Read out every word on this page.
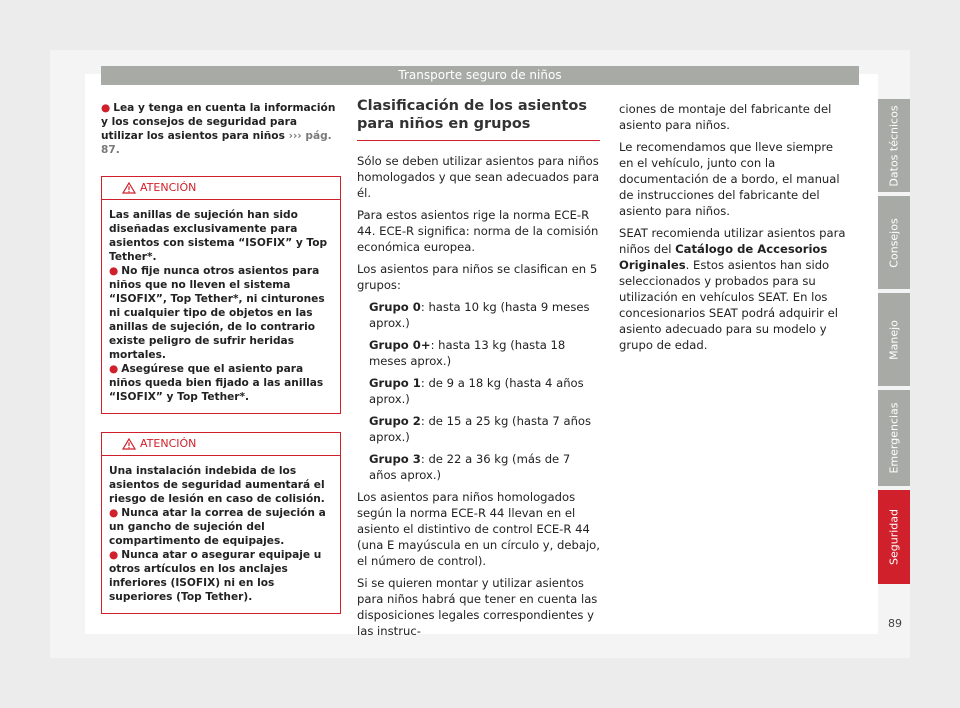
Transporte seguro de niños

● Lea y tenga en cuenta la información y los consejos de seguridad para utilizar los asientos para niños ››› pág. 87.

ATENCIÓN

Las anillas de sujeción han sido diseñadas exclusivamente para asientos con sistema “ISOFIX” y Top Tether*.

● No fije nunca otros asientos para niños que no lleven el sistema “ISOFIX”, Top Tether*, ni cinturones ni cualquier tipo de objetos en las anillas de sujeción, de lo contrario existe peligro de sufrir heridas mortales.

● Asegúrese que el asiento para niños queda bien fijado a las anillas “ISOFIX” y Top Tether*.

ATENCIÓN

Una instalación indebida de los asientos de seguridad aumentará el riesgo de lesión en caso de colisión.

● Nunca atar la correa de sujeción a un gancho de sujeción del compartimento de equipajes.

● Nunca atar o asegurar equipaje u otros artículos en los anclajes inferiores (ISOFIX) ni en los superiores (Top Tether).

Clasificación de los asientos para niños en grupos

Sólo se deben utilizar asientos para niños homologados y que sean adecuados para él.

Para estos asientos rige la norma ECE-R 44. ECE-R significa: norma de la comisión económica europea.

Los asientos para niños se clasifican en 5 grupos:

Grupo 0: hasta 10 kg (hasta 9 meses aprox.)

Grupo 0+: hasta 13 kg (hasta 18 meses aprox.)

Grupo 1: de 9 a 18 kg (hasta 4 años aprox.)

Grupo 2: de 15 a 25 kg (hasta 7 años aprox.)

Grupo 3: de 22 a 36 kg (más de 7 años aprox.)

Los asientos para niños homologados según la norma ECE-R 44 llevan en el asiento el distintivo de control ECE-R 44 (una E mayúscula en un círculo y, debajo, el número de control).

Si se quieren montar y utilizar asientos para niños habrá que tener en cuenta las disposiciones legales correspondientes y las instruc-

ciones de montaje del fabricante del asiento para niños.

Le recomendamos que lleve siempre en el vehículo, junto con la documentación de a bordo, el manual de instrucciones del fabricante del asiento para niños.

SEAT recomienda utilizar asientos para niños del Catálogo de Accesorios Originales. Estos asientos han sido seleccionados y probados para su utilización en vehículos SEAT. En los concesionarios SEAT podrá adquirir el asiento adecuado para su modelo y grupo de edad.

Datos técnicos
Consejos
Manejo
Emergencias
Seguridad
89
